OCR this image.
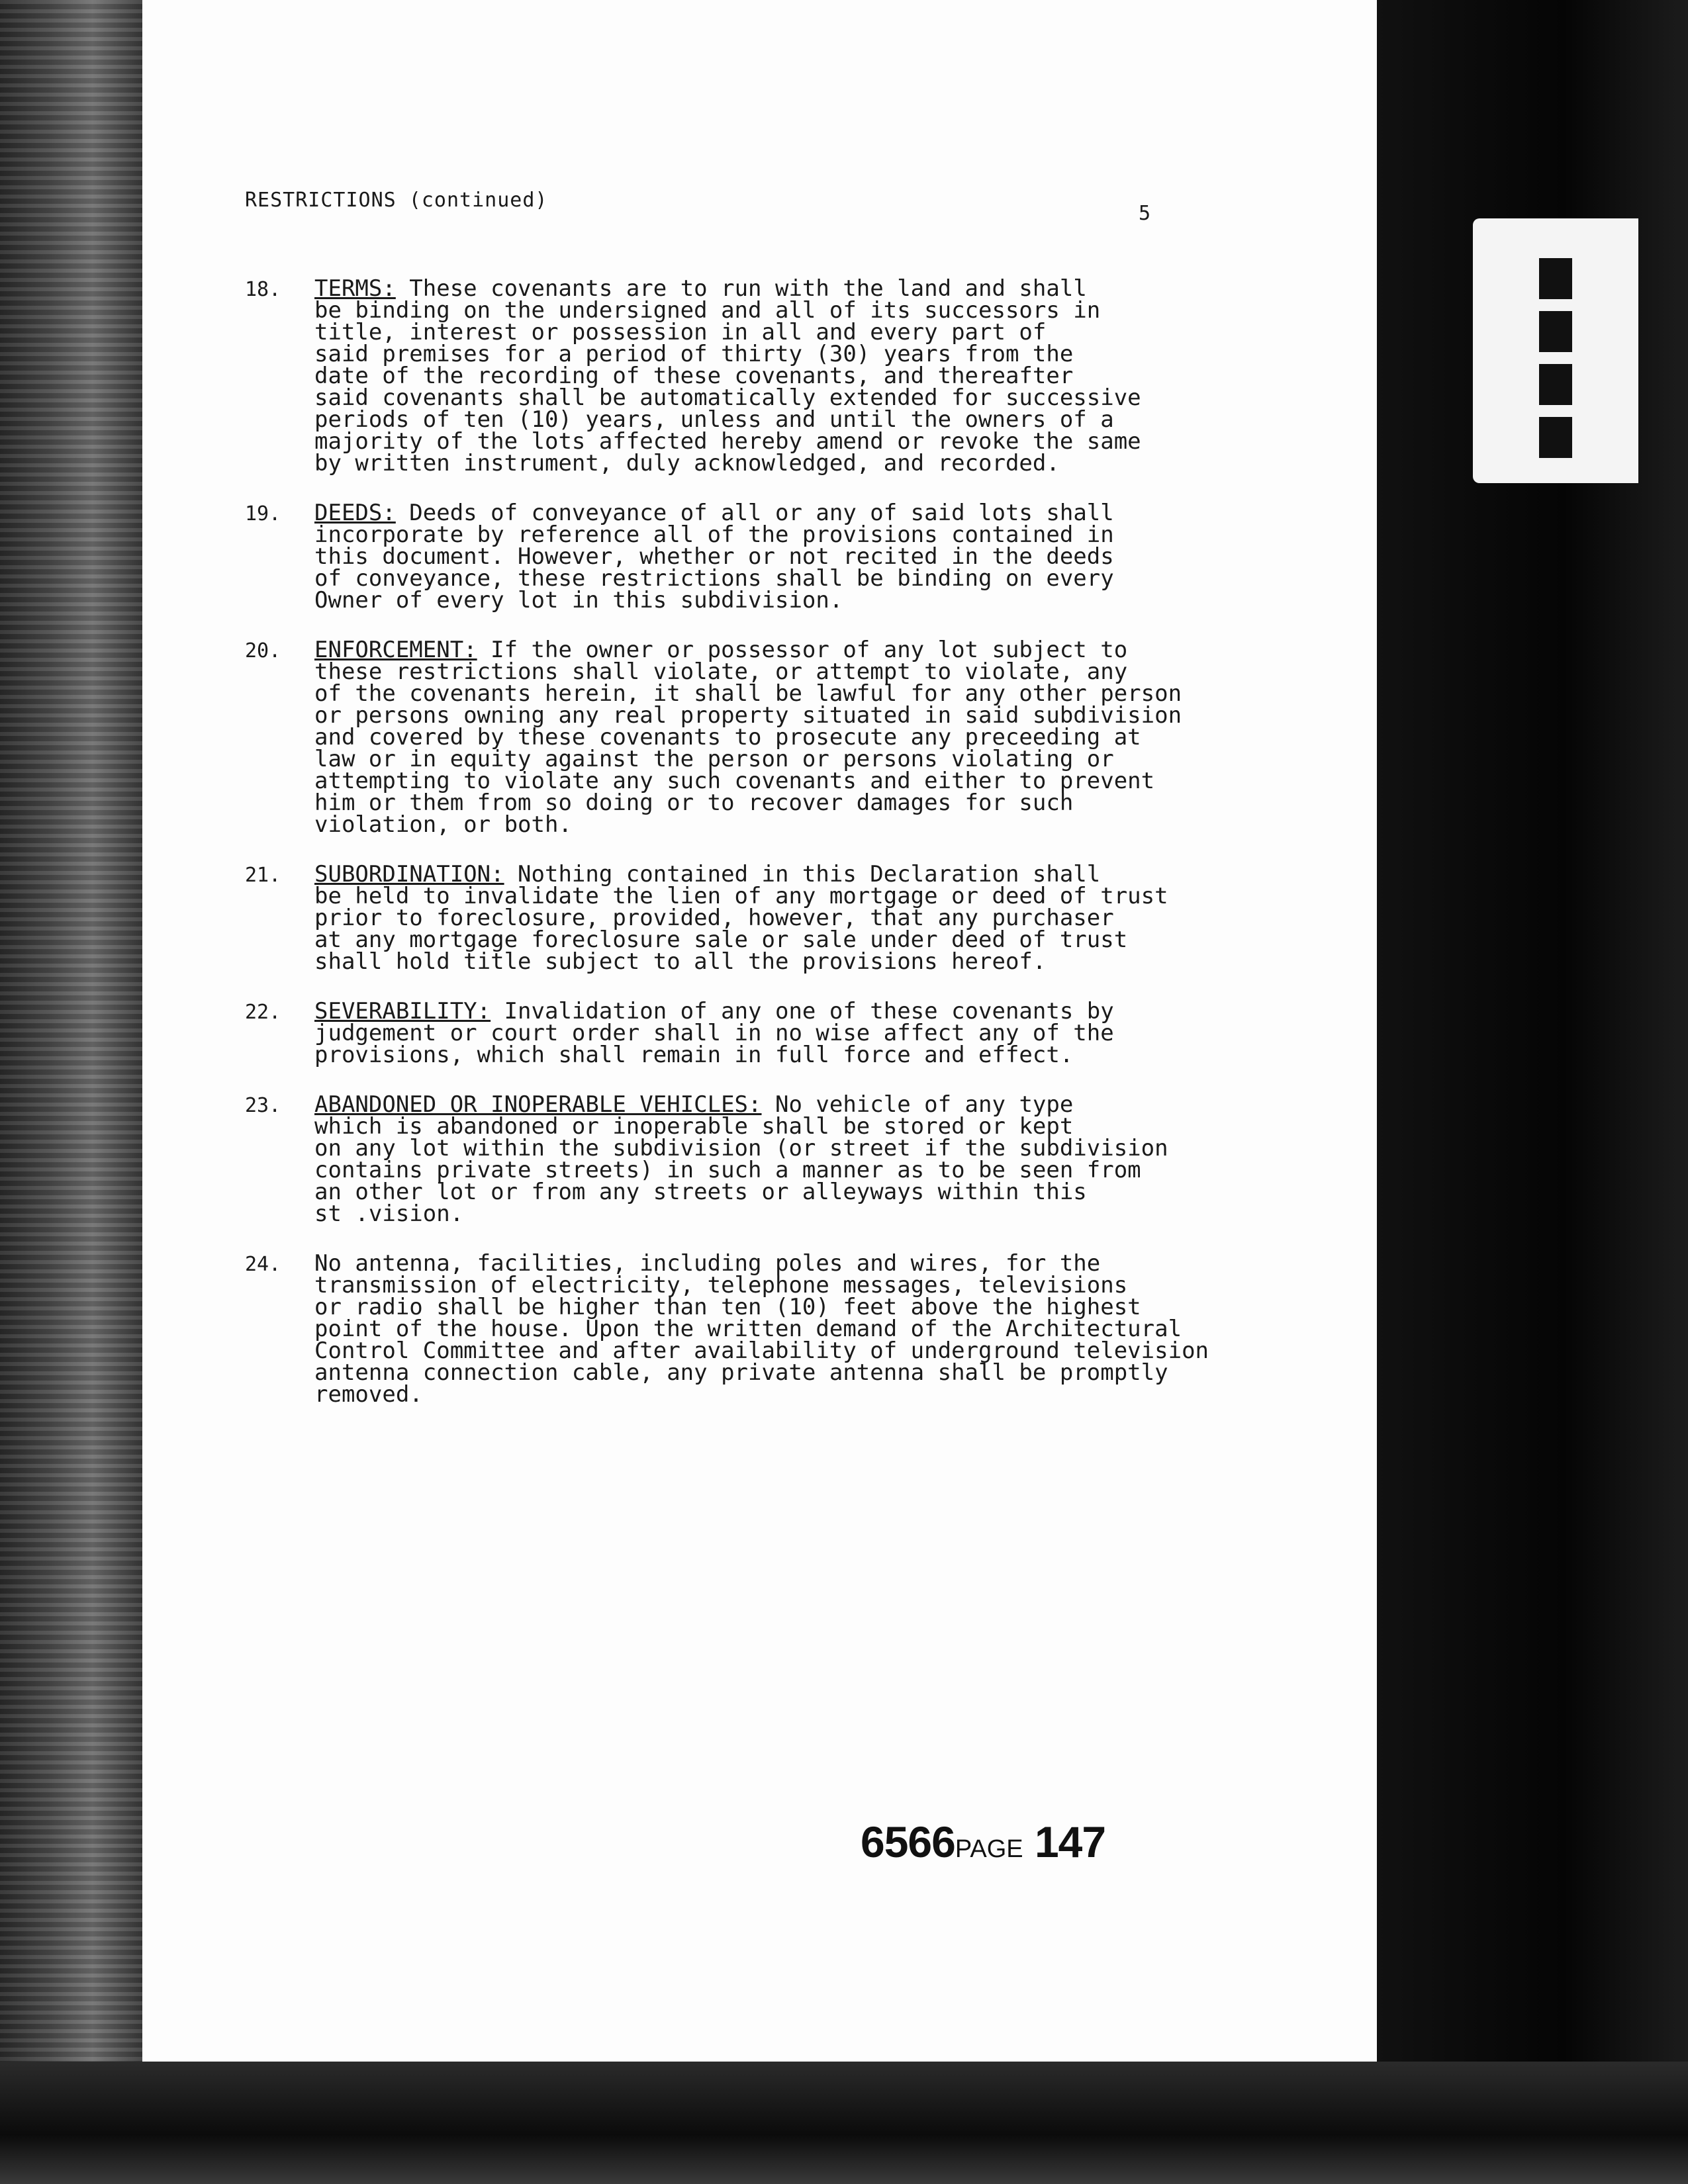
RESTRICTIONS (continued)
5
18.	TERMS: These covenants are to run with the land and shall
be binding on the undersigned and all of its successors in
title, interest or possession in all and every part of
said premises for a period of thirty (30) years from the
date of the recording of these covenants, and thereafter
said covenants shall be automatically extended for successive
periods of ten (10) years, unless and until the owners of a
majority of the lots affected hereby amend or revoke the same
by written instrument, duly acknowledged, and recorded.

19.	DEEDS: Deeds of conveyance of all or any of said lots shall
incorporate by reference all of the provisions contained in
this document. However, whether or not recited in the deeds
of conveyance, these restrictions shall be binding on every
Owner of every lot in this subdivision.

20.	ENFORCEMENT: If the owner or possessor of any lot subject to
these restrictions shall violate, or attempt to violate, any
of the covenants herein, it shall be lawful for any other person
or persons owning any real property situated in said subdivision
and covered by these covenants to prosecute any preceeding at
law or in equity against the person or persons violating or
attempting to violate any such covenants and either to prevent
him or them from so doing or to recover damages for such
violation, or both.

21.	SUBORDINATION: Nothing contained in this Declaration shall
be held to invalidate the lien of any mortgage or deed of trust
prior to foreclosure, provided, however, that any purchaser
at any mortgage foreclosure sale or sale under deed of trust
shall hold title subject to all the provisions hereof.

22.	SEVERABILITY: Invalidation of any one of these covenants by
judgement or court order shall in no wise affect any of the
provisions, which shall remain in full force and effect.

23.	ABANDONED OR INOPERABLE VEHICLES: No vehicle of any type
which is abandoned or inoperable shall be stored or kept
on any lot within the subdivision (or street if the subdivision
contains private streets) in such a manner as to be seen from
an other lot or from any streets or alleyways within this
st .vision.

24.	No antenna, facilities, including poles and wires, for the
transmission of electricity, telephone messages, televisions
or radio shall be higher than ten (10) feet above the highest
point of the house. Upon the written demand of the Architectural
Control Committee and after availability of underground television
antenna connection cable, any private antenna shall be promptly
removed.

6566PAGE 147
